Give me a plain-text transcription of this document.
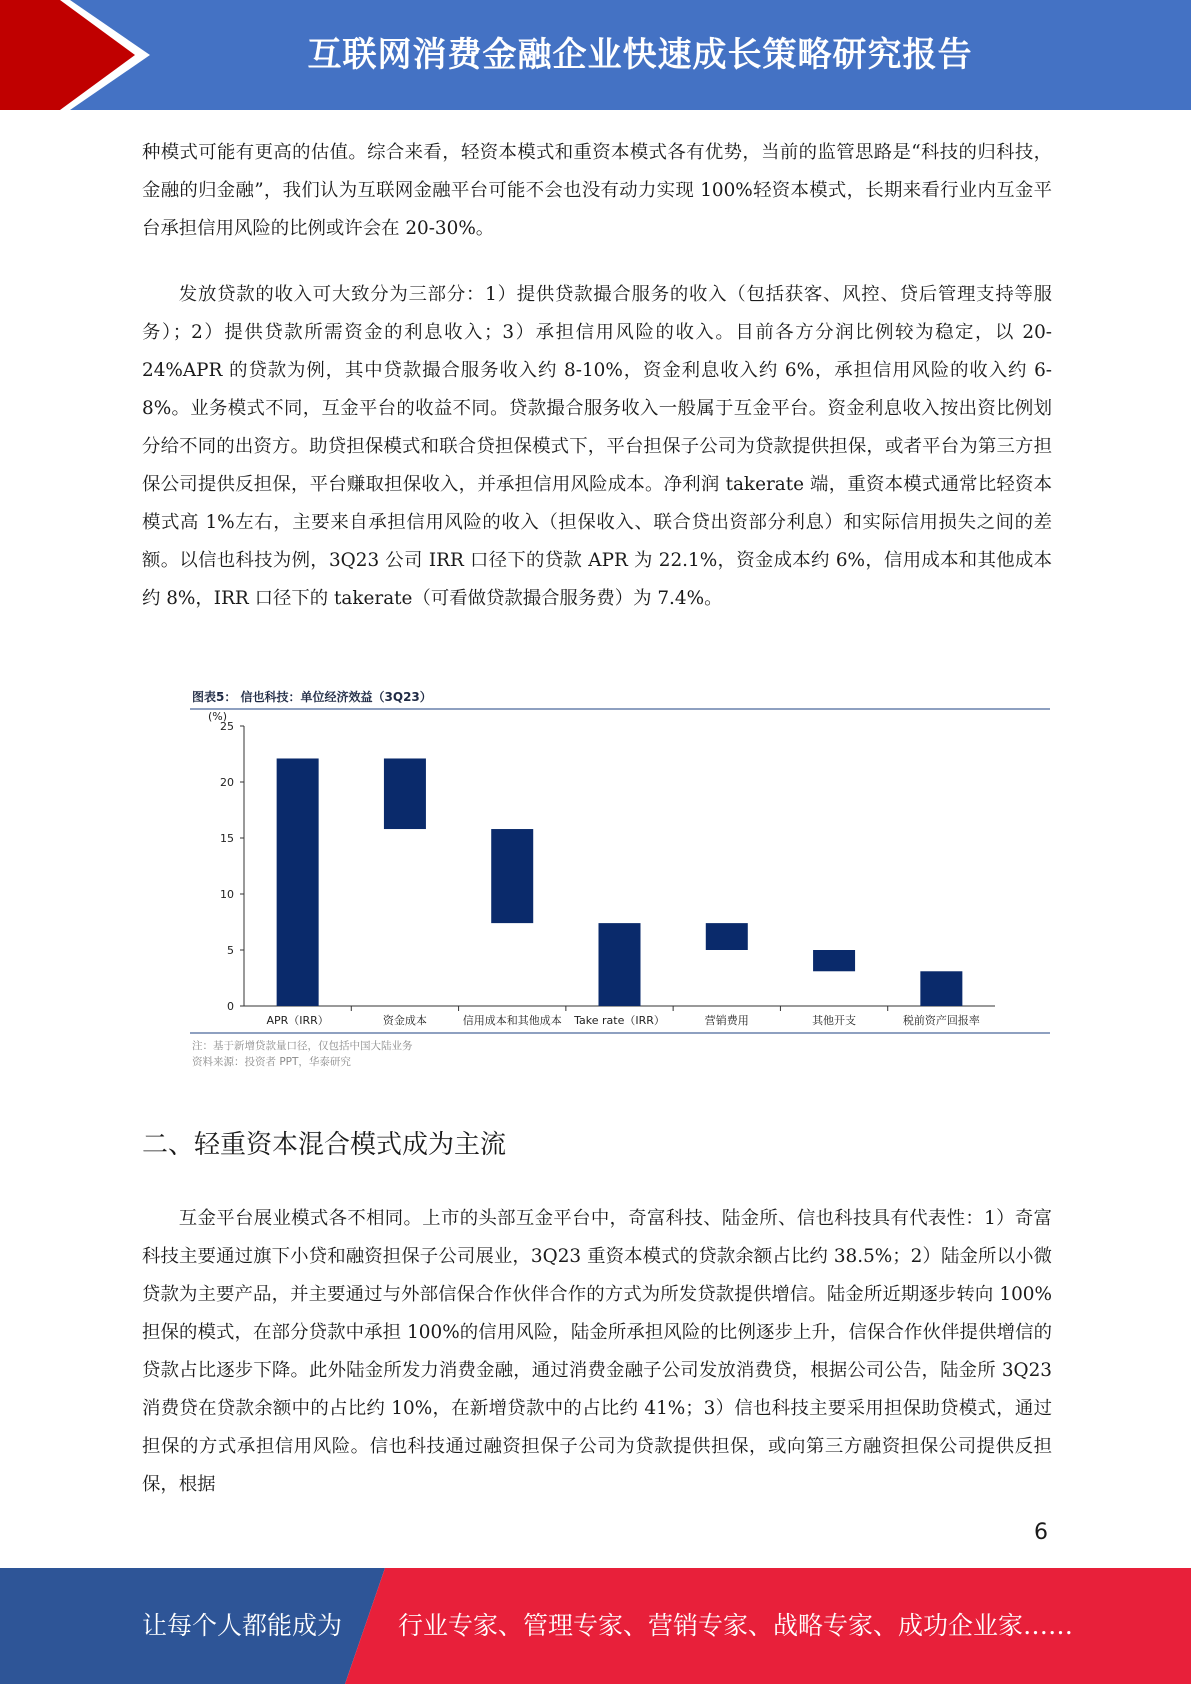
互联网消费金融企业快速成长策略研究报告

种模式可能有更高的估值。综合来看，轻资本模式和重资本模式各有优势，当前的监管思路是“科技的归科技，金融的归金融”，我们认为互联网金融平台可能不会也没有动力实现 100%轻资本模式，长期来看行业内互金平台承担信用风险的比例或许会在 20-30%。

发放贷款的收入可大致分为三部分：1）提供贷款撮合服务的收入（包括获客、风控、贷后管理支持等服务）；2）提供贷款所需资金的利息收入；3）承担信用风险的收入。目前各方分润比例较为稳定，以 20-24%APR 的贷款为例，其中贷款撮合服务收入约 8-10%，资金利息收入约 6%，承担信用风险的收入约 6-8%。业务模式不同，互金平台的收益不同。贷款撮合服务收入一般属于互金平台。资金利息收入按出资比例划分给不同的出资方。助贷担保模式和联合贷担保模式下，平台担保子公司为贷款提供担保，或者平台为第三方担保公司提供反担保，平台赚取担保收入，并承担信用风险成本。净利润 takerate 端，重资本模式通常比轻资本模式高 1%左右，主要来自承担信用风险的收入（担保收入、联合贷出资部分利息）和实际信用损失之间的差额。以信也科技为例，3Q23 公司 IRR 口径下的贷款 APR 为 22.1%，资金成本约 6%，信用成本和其他成本约 8%，IRR 口径下的 takerate（可看做贷款撮合服务费）为 7.4%。

图表5： 信也科技：单位经济效益（3Q23）
(%)
0
5
10
15
20
25
APR（IRR）	资金成本	信用成本和其他成本 Take rate（IRR）	营销费用	其他开支	税前资产回报率
注：基于新增贷款量口径，仅包括中国大陆业务
资料来源：投资者 PPT，华泰研究
二、轻重资本混合模式成为主流

互金平台展业模式各不相同。上市的头部互金平台中，奇富科技、陆金所、信也科技具有代表性：1）奇富科技主要通过旗下小贷和融资担保子公司展业，3Q23 重资本模式的贷款余额占比约 38.5%；2）陆金所以小微贷款为主要产品，并主要通过与外部信保合作伙伴合作的方式为所发贷款提供增信。陆金所近期逐步转向 100%担保的模式，在部分贷款中承担 100%的信用风险，陆金所承担风险的比例逐步上升，信保合作伙伴提供增信的贷款占比逐步下降。此外陆金所发力消费金融，通过消费金融子公司发放消费贷，根据公司公告，陆金所 3Q23 消费贷在贷款余额中的占比约 10%，在新增贷款中的占比约 41%；3）信也科技主要采用担保助贷模式，通过担保的方式承担信用风险。信也科技通过融资担保子公司为贷款提供担保，或向第三方融资担保公司提供反担保，根据

6
让每个人都能成为 行业专家、管理专家、营销专家、战略专家、成功企业家……
